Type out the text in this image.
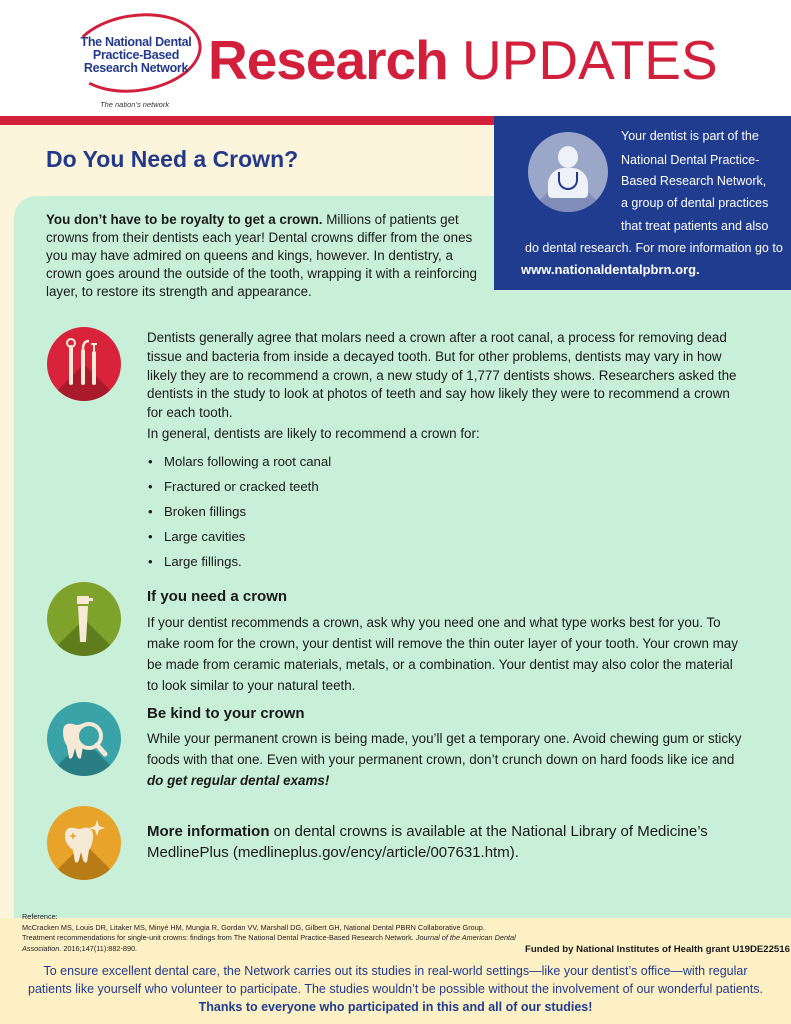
The National Dental
Practice-Based
Research Network
The nation’s network
Research UPDATES
Do You Need a Crown?
Your dentist is part of the
National Dental Practice-
Based Research Network,
a group of dental practices
that treat patients and also
do dental research. For more information go to
www.nationaldentalpbrn.org.
You don’t have to be royalty to get a crown. Millions of patients get crowns from their dentists each year! Dental crowns differ from the ones you may have admired on queens and kings, however. In dentistry, a crown goes around the outside of the tooth, wrapping it with a reinforcing layer, to restore its strength and appearance.
Dentists generally agree that molars need a crown after a root canal, a process for removing dead tissue and bacteria from inside a decayed tooth. But for other problems, dentists may vary in how likely they are to recommend a crown, a new study of 1,777 dentists shows. Researchers asked the dentists in the study to look at photos of teeth and say how likely they were to recommend a crown for each tooth.
In general, dentists are likely to recommend a crown for:
• Molars following a root canal
• Fractured or cracked teeth
• Broken fillings
• Large cavities
• Large fillings.
If you need a crown
If your dentist recommends a crown, ask why you need one and what type works best for you. To make room for the crown, your dentist will remove the thin outer layer of your tooth. Your crown may be made from ceramic materials, metals, or a combination. Your dentist may also color the material to look similar to your natural teeth.
Be kind to your crown
While your permanent crown is being made, you’ll get a temporary one. Avoid chewing gum or sticky foods with that one. Even with your permanent crown, don’t crunch down on hard foods like ice and do get regular dental exams!
More information on dental crowns is available at the National Library of Medicine’s MedlinePlus (medlineplus.gov/ency/article/007631.htm).
Reference:
McCracken MS, Louis DR, Litaker MS, Minyé HM, Mungia R, Gordan VV, Marshall DG, Gilbert GH, National Dental PBRN Collaborative Group.
Treatment recommendations for single-unit crowns: findings from The National Dental Practice-Based Research Network. Journal of the American Dental Association. 2016;147(11):882-890.	Funded by National Institutes of Health grant U19DE22516
To ensure excellent dental care, the Network carries out its studies in real-world settings—like your dentist’s office—with regular
patients like yourself who volunteer to participate. The studies wouldn’t be possible without the involvement of our wonderful patients.
Thanks to everyone who participated in this and all of our studies!
